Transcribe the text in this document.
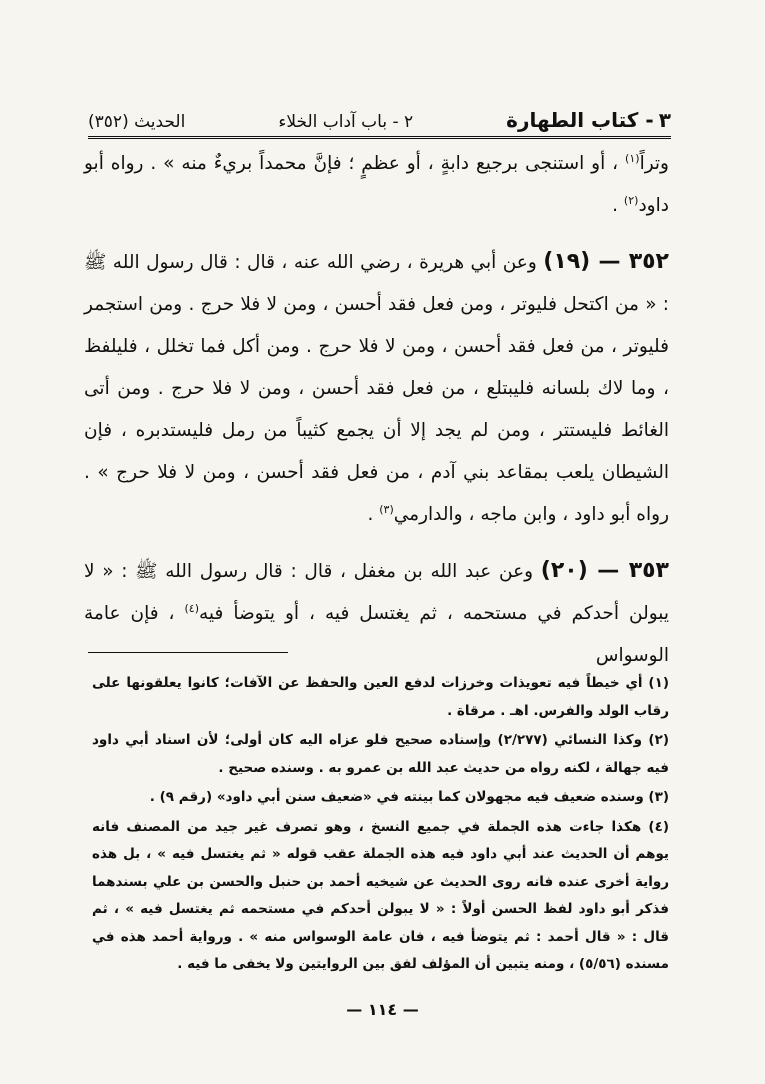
٣ - كتاب الطهارة
٢ - باب آداب الخلاء
الحديث (٣٥٢)

وتراً$^{(١)}$ ، أو استنجى برجيع دابةٍ ، أو عظمٍ ؛ فإنَّ محمداً بريءٌ منه » . رواه أبو داود$^{(٢)}$ .

٣٥٢ — (١٩) وعن أبي هريرة ، رضي الله عنه ، قال : قال رسول الله ﷺ : « من اكتحل فليوتر ، ومن فعل فقد أحسن ، ومن لا فلا حرج . ومن استجمر فليوتر ، من فعل فقد أحسن ، ومن لا فلا حرج . ومن أكل فما تخلل ، فليلفظ ، وما لاك بلسانه فليبتلع ، من فعل فقد أحسن ، ومن لا فلا حرج . ومن أتى الغائط فليستتر ، ومن لم يجد إلا أن يجمع كثيباً من رمل فليستدبره ، فإن الشيطان يلعب بمقاعد بني آدم ، من فعل فقد أحسن ، ومن لا فلا حرج » . رواه أبو داود ، وابن ماجه ، والدارمي$^{(٣)}$ .

٣٥٣ — (٢٠) وعن عبد الله بن مغفل ، قال : قال رسول الله ﷺ : « لا يبولن أحدكم في مستحمه ، ثم يغتسل فيه ، أو يتوضأ فيه$^{(٤)}$ ، فإن عامة الوسواس

(١) أي خيطاً فيه تعويذات وخرزات لدفع العين والحفظ عن الآفات؛ كانوا يعلقونها على رقاب الولد والفرس. اهـ . مرقاة .

(٢) وكذا النسائي (٢/٢٧٧) وإسناده صحيح فلو عزاه اليه كان أولى؛ لأن اسناد أبي داود فيه جهالة ، لكنه رواه من حديث عبد الله بن عمرو به . وسنده صحيح .

(٣) وسنده ضعيف فيه مجهولان كما بينته في «ضعيف سنن أبي داود» (رقم ٩) .

(٤) هكذا جاءت هذه الجملة في جميع النسخ ، وهو تصرف غير جيد من المصنف فانه يوهم أن الحديث عند أبي داود فيه هذه الجملة عقب قوله « ثم يغتسل فيه » ، بل هذه رواية أخرى عنده فانه روى الحديث عن شيخيه أحمد بن حنبل والحسن بن علي بسندهما فذكر أبو داود لفظ الحسن أولاً : « لا يبولن أحدكم في مستحمه ثم يغتسل فيه » ، ثم قال : « قال أحمد : ثم يتوضأ فيه ، فان عامة الوسواس منه » . ورواية أحمد هذه في مسنده (٥/٥٦) ، ومنه يتبين أن المؤلف لفق بين الروايتين ولا يخفى ما فيه .

— ١١٤ —
